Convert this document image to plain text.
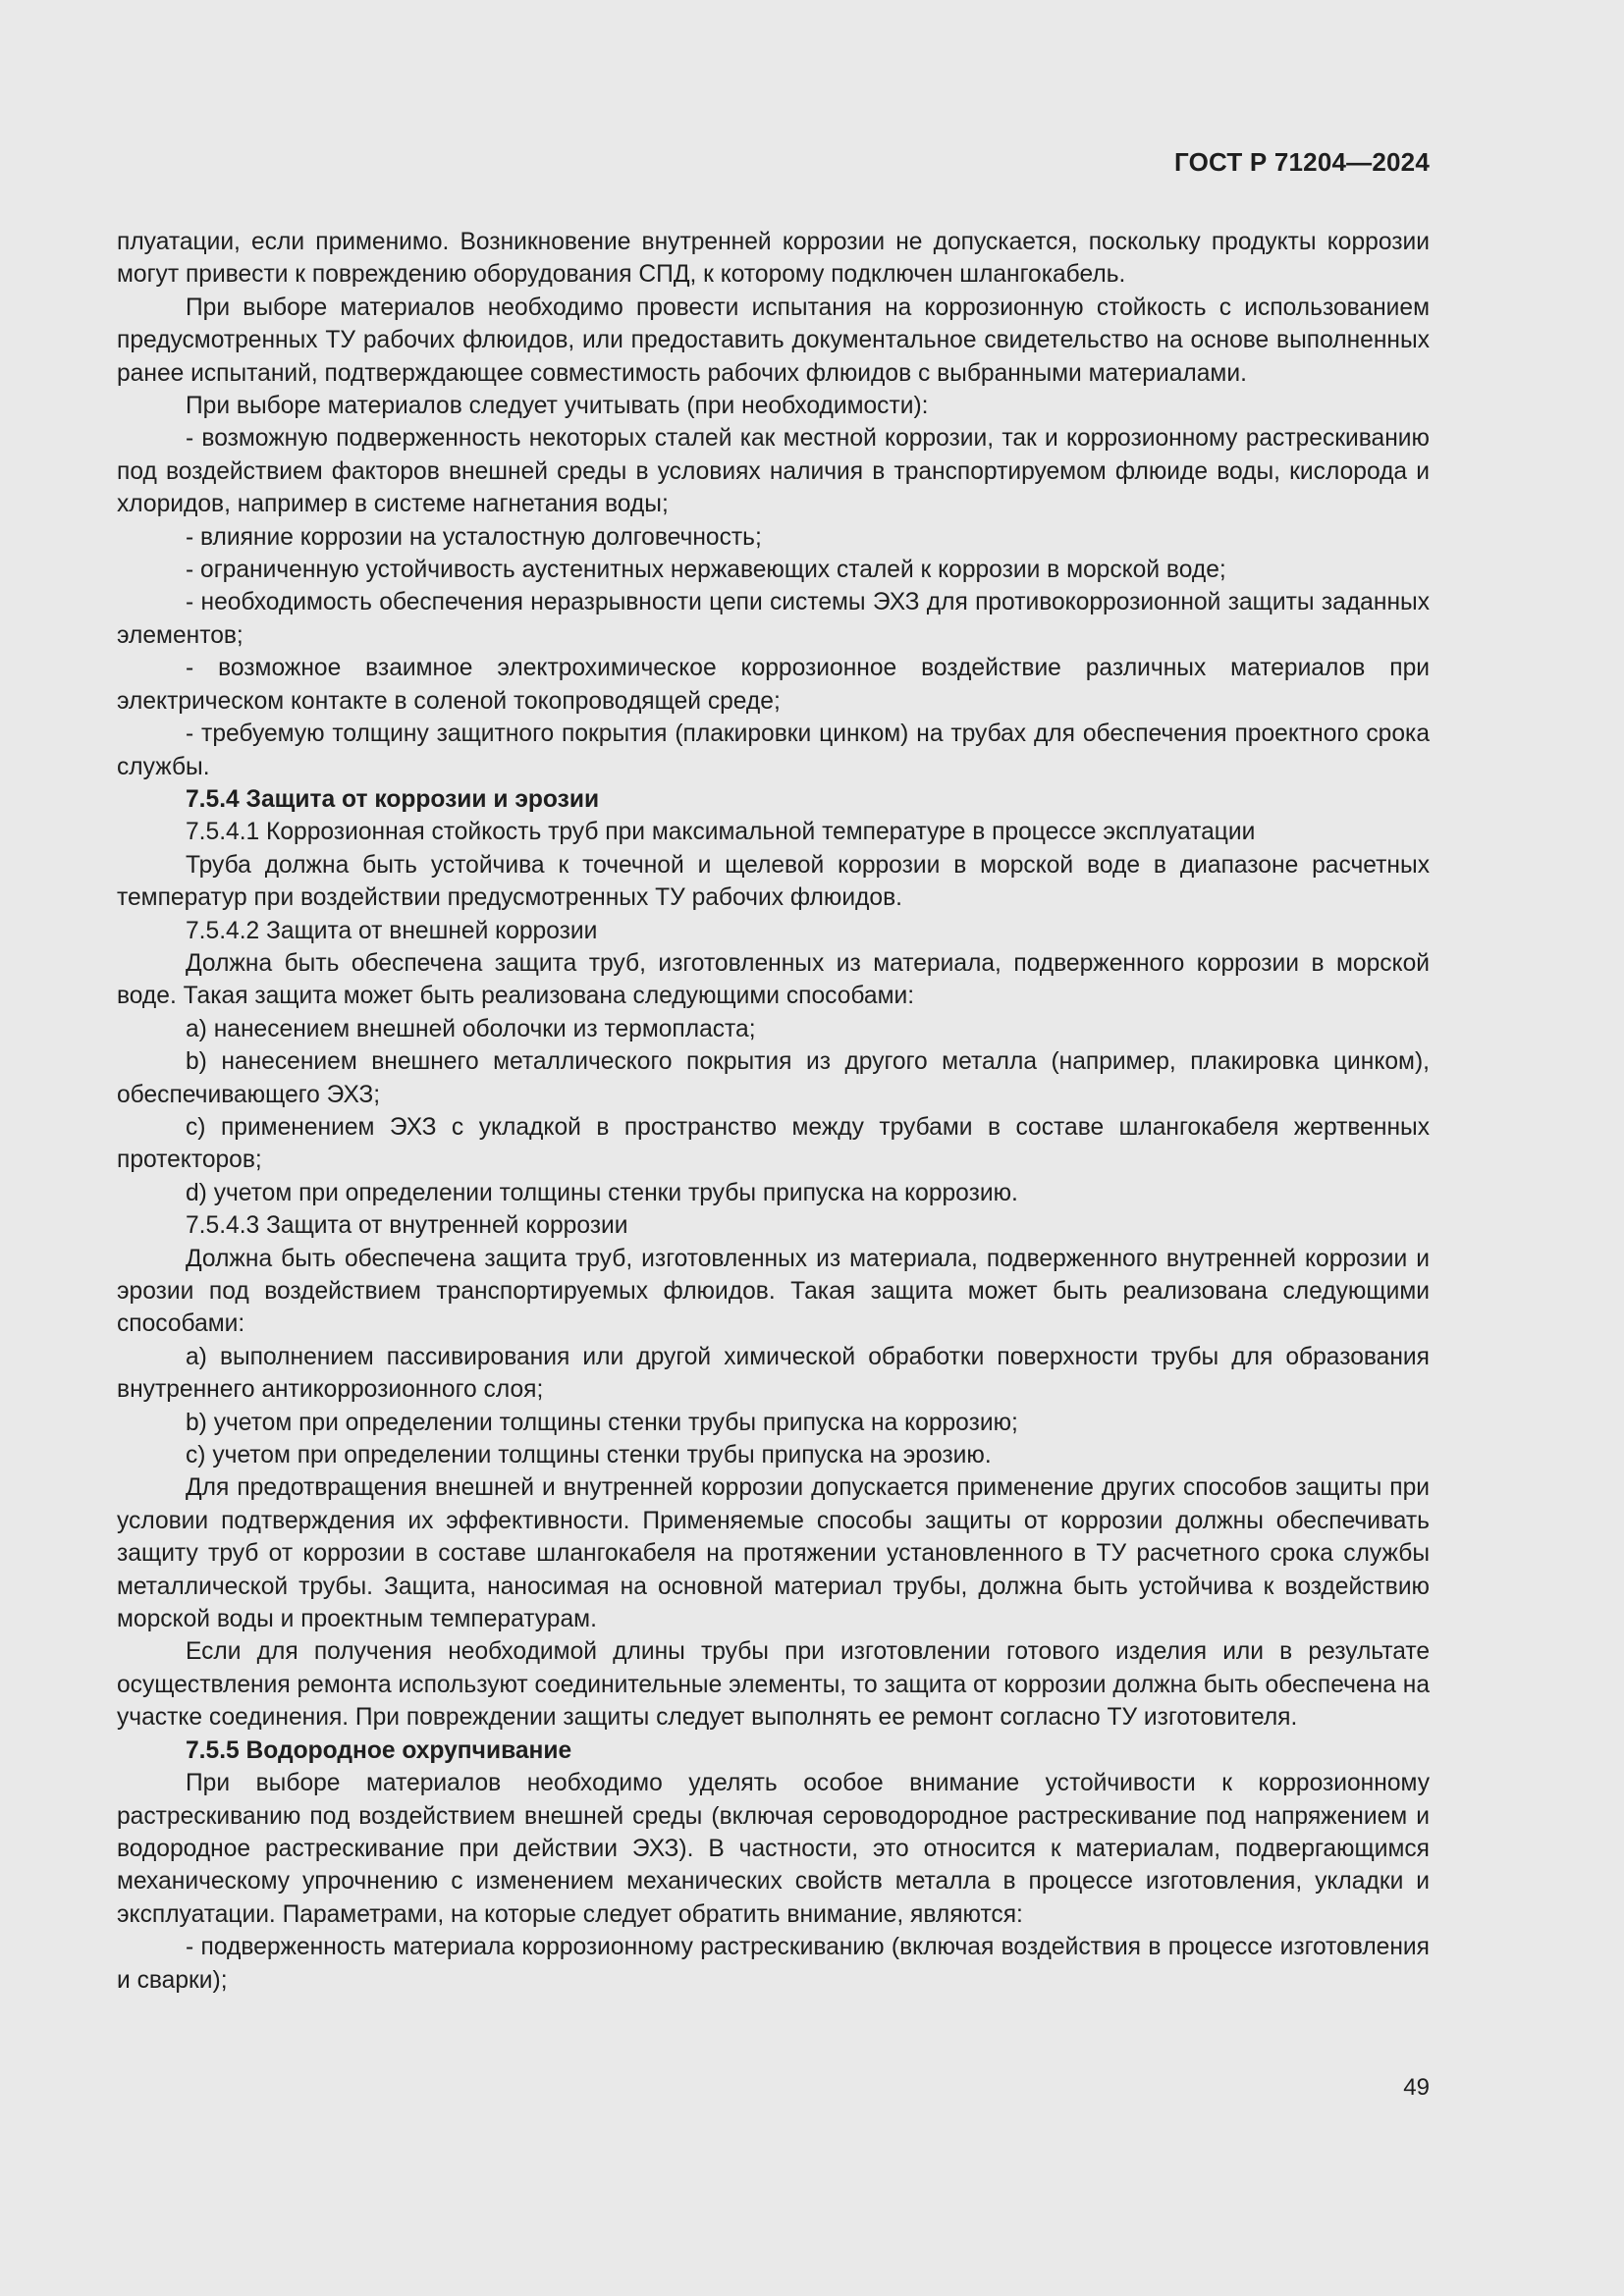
ГОСТ Р 71204—2024

плуатации, если применимо. Возникновение внутренней коррозии не допускается, поскольку продукты коррозии могут привести к повреждению оборудования СПД, к которому подключен шлангокабель.

При выборе материалов необходимо провести испытания на коррозионную стойкость с использованием предусмотренных ТУ рабочих флюидов, или предоставить документальное свидетельство на основе выполненных ранее испытаний, подтверждающее совместимость рабочих флюидов с выбранными материалами.

При выборе материалов следует учитывать (при необходимости):

- возможную подверженность некоторых сталей как местной коррозии, так и коррозионному растрескиванию под воздействием факторов внешней среды в условиях наличия в транспортируемом флюиде воды, кислорода и хлоридов, например в системе нагнетания воды;

- влияние коррозии на усталостную долговечность;

- ограниченную устойчивость аустенитных нержавеющих сталей к коррозии в морской воде;

- необходимость обеспечения неразрывности цепи системы ЭХЗ для противокоррозионной защиты заданных элементов;

- возможное взаимное электрохимическое коррозионное воздействие различных материалов при электрическом контакте в соленой токопроводящей среде;

- требуемую толщину защитного покрытия (плакировки цинком) на трубах для обеспечения проектного срока службы.

7.5.4 Защита от коррозии и эрозии

7.5.4.1 Коррозионная стойкость труб при максимальной температуре в процессе эксплуатации

Труба должна быть устойчива к точечной и щелевой коррозии в морской воде в диапазоне расчетных температур при воздействии предусмотренных ТУ рабочих флюидов.

7.5.4.2 Защита от внешней коррозии

Должна быть обеспечена защита труб, изготовленных из материала, подверженного коррозии в морской воде. Такая защита может быть реализована следующими способами:

a) нанесением внешней оболочки из термопласта;

b) нанесением внешнего металлического покрытия из другого металла (например, плакировка цинком), обеспечивающего ЭХЗ;

c) применением ЭХЗ с укладкой в пространство между трубами в составе шлангокабеля жертвенных протекторов;

d) учетом при определении толщины стенки трубы припуска на коррозию.

7.5.4.3 Защита от внутренней коррозии

Должна быть обеспечена защита труб, изготовленных из материала, подверженного внутренней коррозии и эрозии под воздействием транспортируемых флюидов. Такая защита может быть реализована следующими способами:

a) выполнением пассивирования или другой химической обработки поверхности трубы для образования внутреннего антикоррозионного слоя;

b) учетом при определении толщины стенки трубы припуска на коррозию;

c) учетом при определении толщины стенки трубы припуска на эрозию.

Для предотвращения внешней и внутренней коррозии допускается применение других способов защиты при условии подтверждения их эффективности. Применяемые способы защиты от коррозии должны обеспечивать защиту труб от коррозии в составе шлангокабеля на протяжении установленного в ТУ расчетного срока службы металлической трубы. Защита, наносимая на основной материал трубы, должна быть устойчива к воздействию морской воды и проектным температурам.

Если для получения необходимой длины трубы при изготовлении готового изделия или в результате осуществления ремонта используют соединительные элементы, то защита от коррозии должна быть обеспечена на участке соединения. При повреждении защиты следует выполнять ее ремонт согласно ТУ изготовителя.

7.5.5 Водородное охрупчивание

При выборе материалов необходимо уделять особое внимание устойчивости к коррозионному растрескиванию под воздействием внешней среды (включая сероводородное растрескивание под напряжением и водородное растрескивание при действии ЭХЗ). В частности, это относится к материалам, подвергающимся механическому упрочнению с изменением механических свойств металла в процессе изготовления, укладки и эксплуатации. Параметрами, на которые следует обратить внимание, являются:

- подверженность материала коррозионному растрескиванию (включая воздействия в процессе изготовления и сварки);

49
